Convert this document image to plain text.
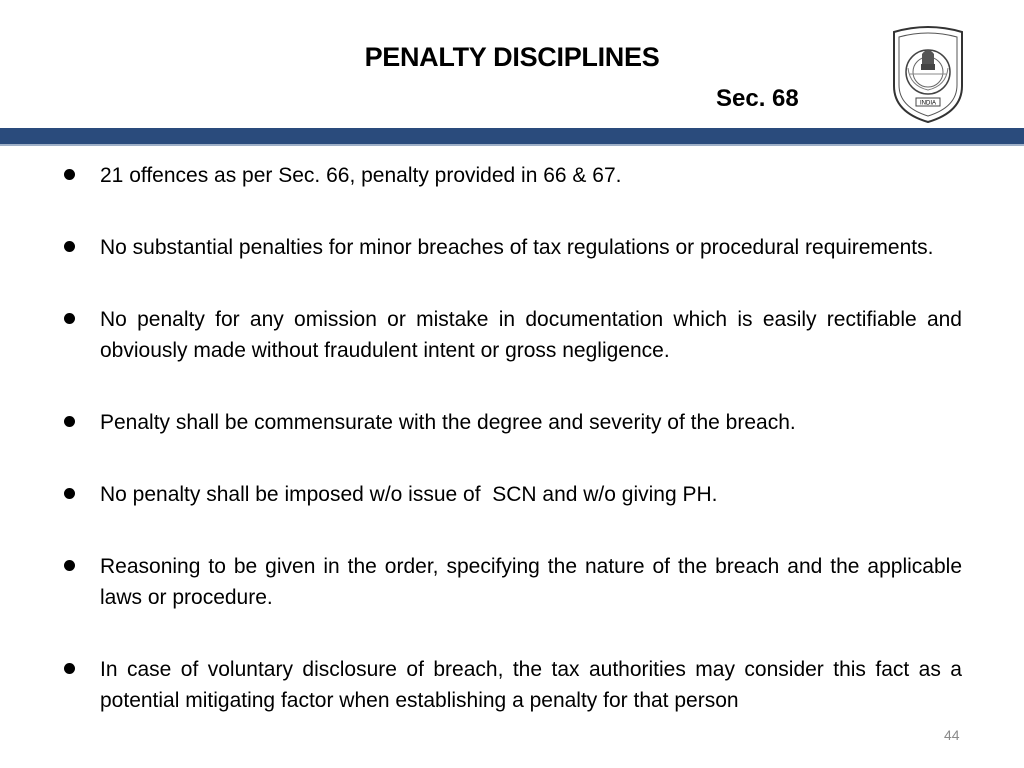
PENALTY DISCIPLINES
Sec. 68	INDIA
21 offences as per Sec. 66, penalty provided in 66 & 67.
No substantial penalties for minor breaches of tax regulations or procedural requirements.
No penalty for any omission or mistake in documentation which is easily rectifiable and obviously made without fraudulent intent or gross negligence.
Penalty shall be commensurate with the degree and severity of the breach.
No penalty shall be imposed w/o issue of  SCN and w/o giving PH.
Reasoning to be given in the order, specifying the nature of the breach and the applicable laws or procedure.
In case of voluntary disclosure of breach, the tax authorities may consider this fact as a potential mitigating factor when establishing a penalty for that person
44
